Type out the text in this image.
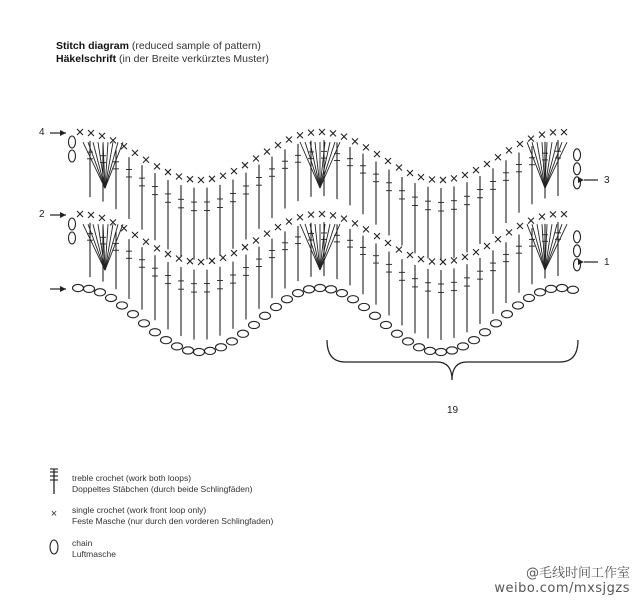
Stitch diagram (reduced sample of pattern)
Häkelschrift (in der Breite verkürztes Muster)
4
2
3
1
19
treble crochet (work both loops)
Doppeltes Stäbchen (durch beide Schlingfäden)
×	single crochet (work front loop only)
Feste Masche (nur durch den vorderen Schlingfaden)
chain
Luftmasche
@毛线时间工作室
weibo.com/mxsjgzs
